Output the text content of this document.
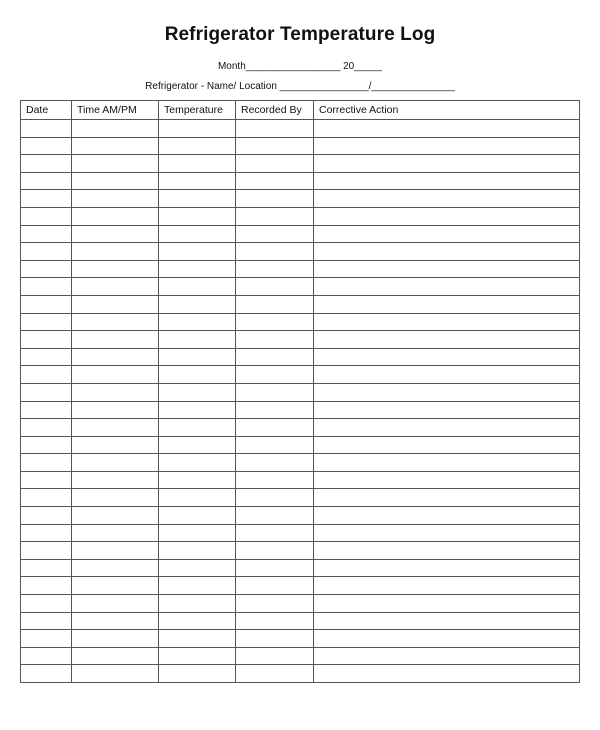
Refrigerator Temperature Log
Month_________________ 20_____
Refrigerator - Name/ Location ________________/_______________
Date	Time AM/PM	Temperature	Recorded By	Corrective Action
